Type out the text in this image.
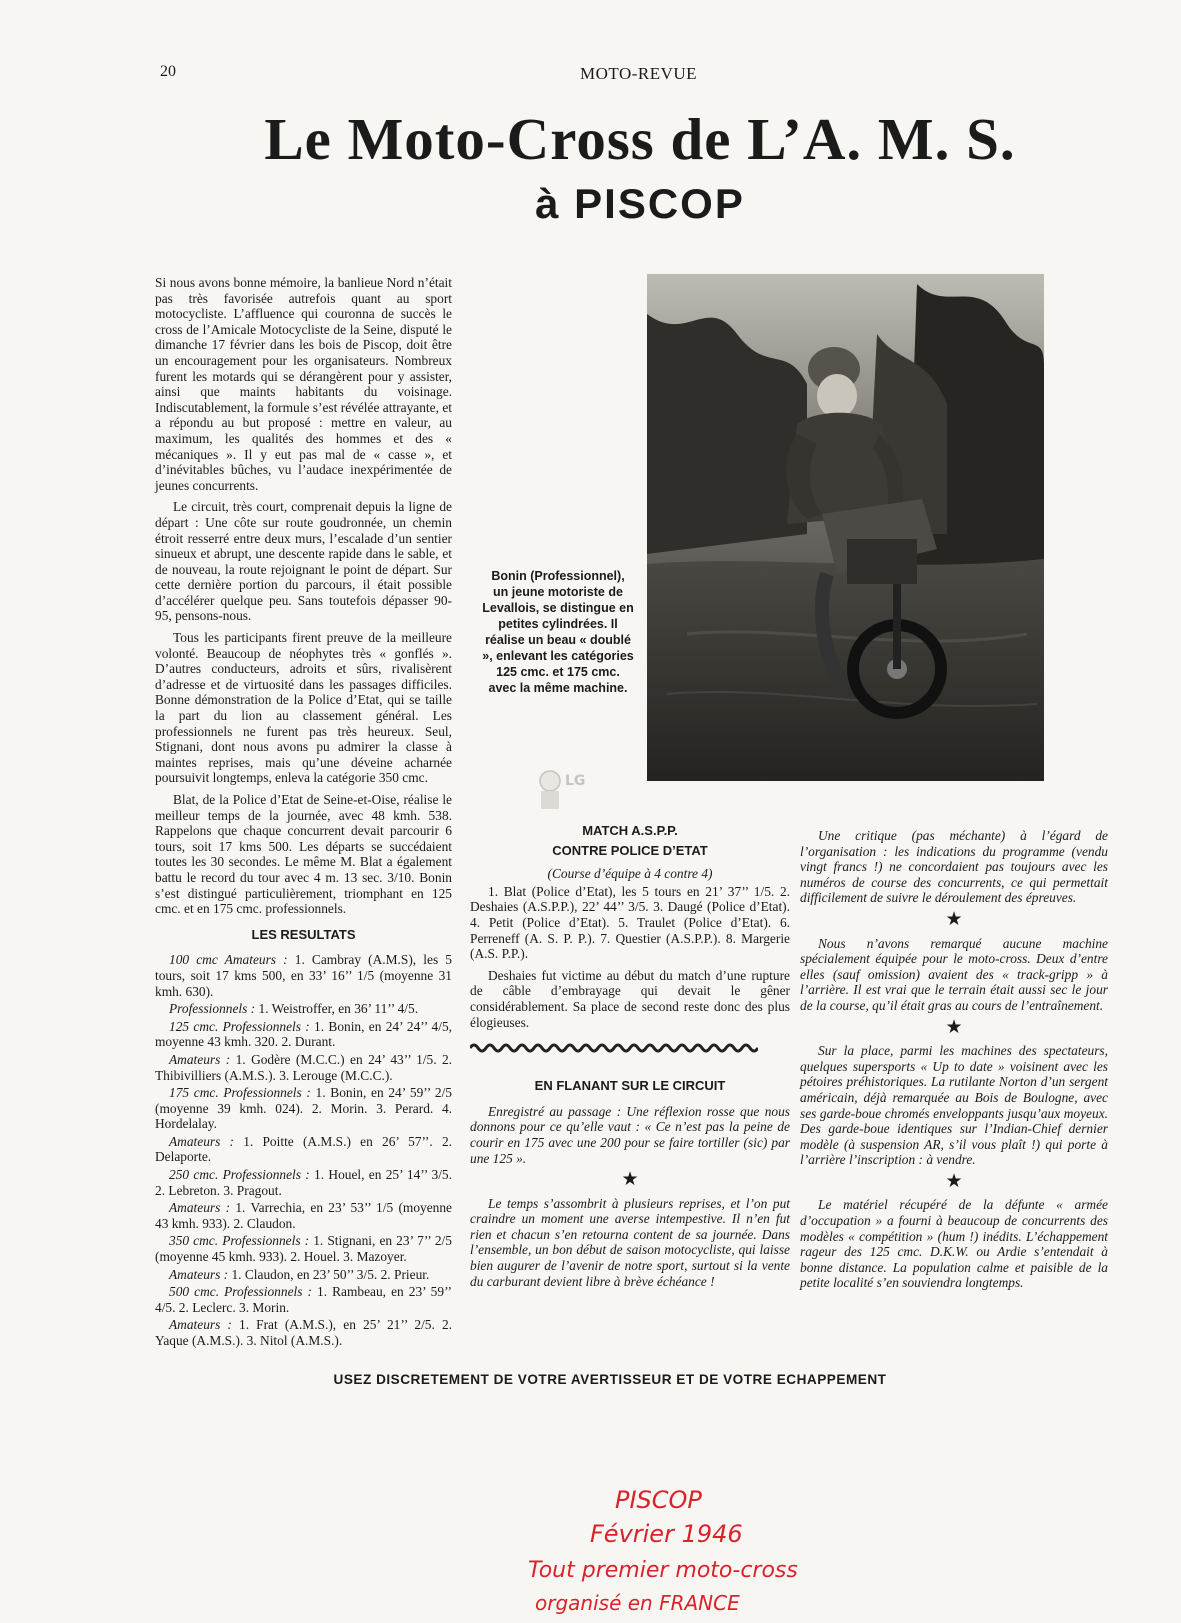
20	MOTO-REVUE
Le Moto-Cross de L’A. M. S.
à PISCOP

Si nous avons bonne mémoire, la banlieue Nord n’était pas très favorisée autrefois quant au sport motocycliste. L’affluence qui couronna de succès le cross de l’Amicale Motocycliste de la Seine, disputé le dimanche 17 février dans les bois de Piscop, doit être un encouragement pour les organisateurs. Nombreux furent les motards qui se dérangèrent pour y assister, ainsi que maints habitants du voisinage. Indiscutablement, la formule s’est révélée attrayante, et a répondu au but proposé : mettre en valeur, au maximum, les qualités des hommes et des « mécaniques ». Il y eut pas mal de « casse », et d’inévitables bûches, vu l’audace inexpérimentée de jeunes concurrents.

Le circuit, très court, comprenait depuis la ligne de départ : Une côte sur route goudronnée, un chemin étroit resserré entre deux murs, l’escalade d’un sentier sinueux et abrupt, une descente rapide dans le sable, et de nouveau, la route rejoignant le point de départ. Sur cette dernière portion du parcours, il était possible d’accélérer quelque peu. Sans toutefois dépasser 90-95, pensons-nous.

Tous les participants firent preuve de la meilleure volonté. Beaucoup de néophytes très « gonflés ». D’autres conducteurs, adroits et sûrs, rivalisèrent d’adresse et de virtuosité dans les passages difficiles. Bonne démonstration de la Police d’Etat, qui se taille la part du lion au classement général. Les professionnels ne furent pas très heureux. Seul, Stignani, dont nous avons pu admirer la classe à maintes reprises, mais qu’une déveine acharnée poursuivit longtemps, enleva la catégorie 350 cmc.

Blat, de la Police d’Etat de Seine-et-Oise, réalise le meilleur temps de la journée, avec 48 kmh. 538. Rappelons que chaque concurrent devait parcourir 6 tours, soit 17 kms 500. Les départs se succédaient toutes les 30 secondes. Le même M. Blat a également battu le record du tour avec 4 m. 13 sec. 3/10. Bonin s’est distingué particulièrement, triomphant en 125 cmc. et en 175 cmc. professionnels.

LES RESULTATS

100 cmc Amateurs : 1. Cambray (A.M.S), les 5 tours, soit 17 kms 500, en 33’ 16’’ 1/5 (moyenne 31 kmh. 630).

Professionnels : 1. Weistroffer, en 36’ 11’’ 4/5.

125 cmc. Professionnels : 1. Bonin, en 24’ 24’’ 4/5, moyenne 43 kmh. 320. 2. Durant.

Amateurs : 1. Godère (M.C.C.) en 24’ 43’’ 1/5. 2. Thibivilliers (A.M.S.). 3. Lerouge (M.C.C.).

175 cmc. Professionnels : 1. Bonin, en 24’ 59’’ 2/5 (moyenne 39 kmh. 024). 2. Morin. 3. Perard. 4. Hordelalay.

Amateurs : 1. Poitte (A.M.S.) en 26’ 57’’. 2. Delaporte.

250 cmc. Professionnels : 1. Houel, en 25’ 14’’ 3/5. 2. Lebreton. 3. Pragout.

Amateurs : 1. Varrechia, en 23’ 53’’ 1/5 (moyenne 43 kmh. 933). 2. Claudon.

350 cmc. Professionnels : 1. Stignani, en 23’ 7’’ 2/5 (moyenne 45 kmh. 933). 2. Houel. 3. Mazoyer.

Amateurs : 1. Claudon, en 23’ 50’’ 3/5. 2. Prieur.

500 cmc. Professionnels : 1. Rambeau, en 23’ 59’’ 4/5. 2. Leclerc. 3. Morin.

Amateurs : 1. Frat (A.M.S.), en 25’ 21’’ 2/5. 2. Yaque (A.M.S.). 3. Nitol (A.M.S.).

Bonin (Professionnel), un jeune motoriste de Levallois, se distingue en petites cylindrées. Il réalise un beau « doublé », enlevant les catégories 125 cmc. et 175 cmc. avec la même machine.
LG
MATCH A.S.P.P.
CONTRE POLICE D’ETAT

(Course d’équipe à 4 contre 4)

1. Blat (Police d’Etat), les 5 tours en 21’ 37’’ 1/5. 2. Deshaies (A.S.P.P.), 22’ 44’’ 3/5. 3. Daugé (Police d’Etat). 4. Petit (Police d’Etat). 5. Traulet (Police d’Etat). 6. Perreneff (A. S. P. P.). 7. Questier (A.S.P.P.). 8. Margerie (A.S. P.P.).

Deshaies fut victime au début du match d’une rupture de câble d’embrayage qui devait le gêner considérablement. Sa place de second reste donc des plus élogieuses.

EN FLANANT SUR LE CIRCUIT

Enregistré au passage : Une réflexion rosse que nous donnons pour ce qu’elle vaut : « Ce n’est pas la peine de courir en 175 avec une 200 pour se faire tortiller (sic) par une 125 ».

★

Le temps s’assombrit à plusieurs reprises, et l’on put craindre un moment une averse intempestive. Il n’en fut rien et chacun s’en retourna content de sa journée. Dans l’ensemble, un bon début de saison motocycliste, qui laisse bien augurer de l’avenir de notre sport, surtout si la vente du carburant devient libre à brève échéance !

Une critique (pas méchante) à l’égard de l’organisation : les indications du programme (vendu vingt francs !) ne concordaient pas toujours avec les numéros de course des concurrents, ce qui permettait difficilement de suivre le déroulement des épreuves.

★

Nous n’avons remarqué aucune machine spécialement équipée pour le moto-cross. Deux d’entre elles (sauf omission) avaient des « track-gripp » à l’arrière. Il est vrai que le terrain était aussi sec le jour de la course, qu’il était gras au cours de l’entraînement.

★

Sur la place, parmi les machines des spectateurs, quelques supersports « Up to date » voisinent avec les pétoires préhistoriques. La rutilante Norton d’un sergent américain, déjà remarquée au Bois de Boulogne, avec ses garde-boue chromés enveloppants jusqu’aux moyeux. Des garde-boue identiques sur l’Indian-Chief dernier modèle (à suspension AR, s’il vous plaît !) qui porte à l’arrière l’inscription : à vendre.

★

Le matériel récupéré de la défunte « armée d’occupation » a fourni à beaucoup de concurrents des modèles « compétition » (hum !) inédits. L’échappement rageur des 125 cmc. D.K.W. ou Ardie s’entendait à bonne distance. La population calme et paisible de la petite localité s’en souviendra longtemps.

USEZ DISCRETEMENT DE VOTRE AVERTISSEUR ET DE VOTRE ECHAPPEMENT
PISCOP
Février 1946
Tout premier moto-cross
organisé en FRANCE
